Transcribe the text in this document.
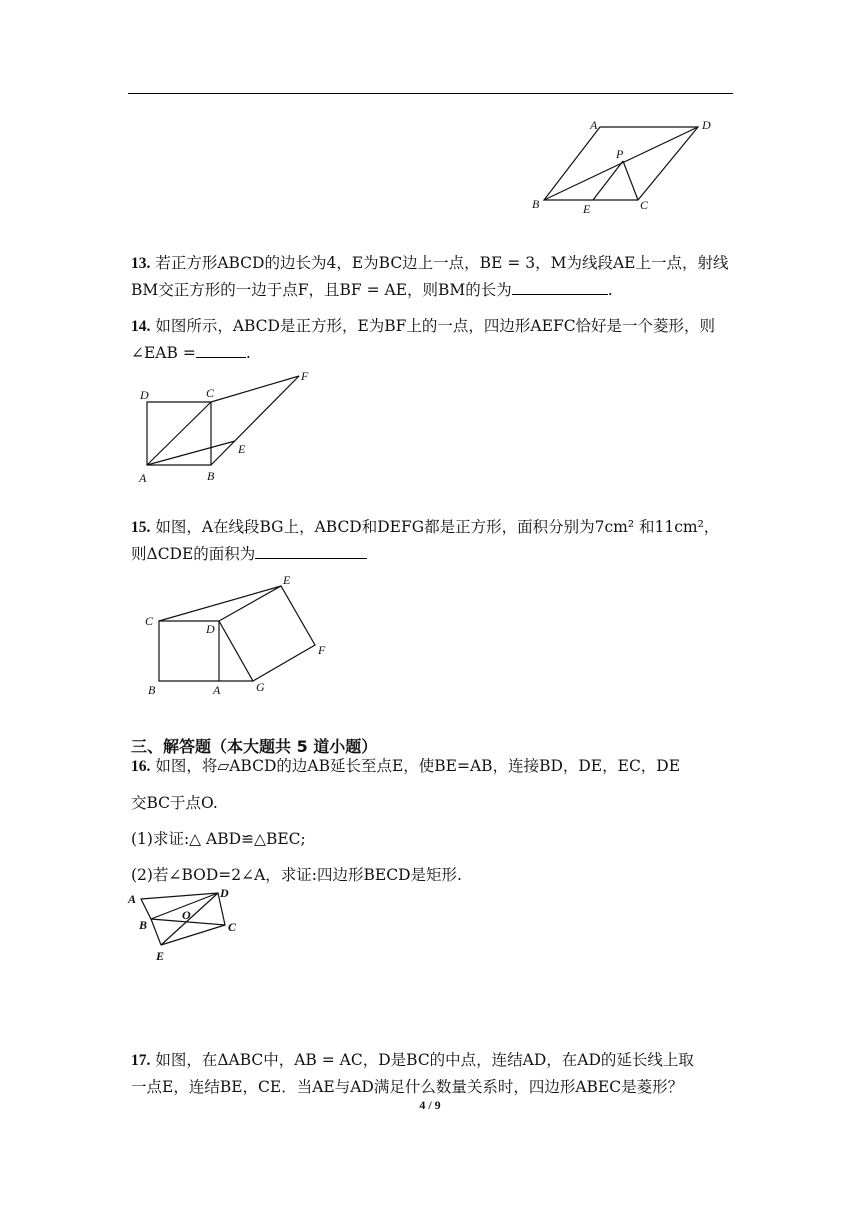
A	D
P
B	E	C
13. 若正方形ABCD的边长为4，E为BC边上一点，BE = 3，M为线段AE上一点，射线BM交正方形的一边于点F，且BF = AE，则BM的长为	.
14. 如图所示，ABCD是正方形，E为BF上的一点，四边形AEFC恰好是一个菱形，则∠EAB =	.
D	C
F
E
A	B
15. 如图，A在线段BG上，ABCD和DEFG都是正方形，面积分别为7cm² 和11cm²，则ΔCDE的面积为
E
C
D
F
B	A	G
三、解答题（本大题共 5 道小题）
16. 如图，将▱ABCD的边AB延长至点E，使BE=AB，连接BD，DE，EC，DE
交BC于点O.
(1)求证:△ ABD≌△BEC;
(2)若∠BOD=2∠A，求证:四边形BECD是矩形.
A	D
O
B	C
E
17. 如图，在ΔABC中，AB = AC，D是BC的中点，连结AD，在AD的延长线上取
一点E，连结BE，CE．当AE与AD满足什么数量关系时，四边形ABEC是菱形？
4 / 9
